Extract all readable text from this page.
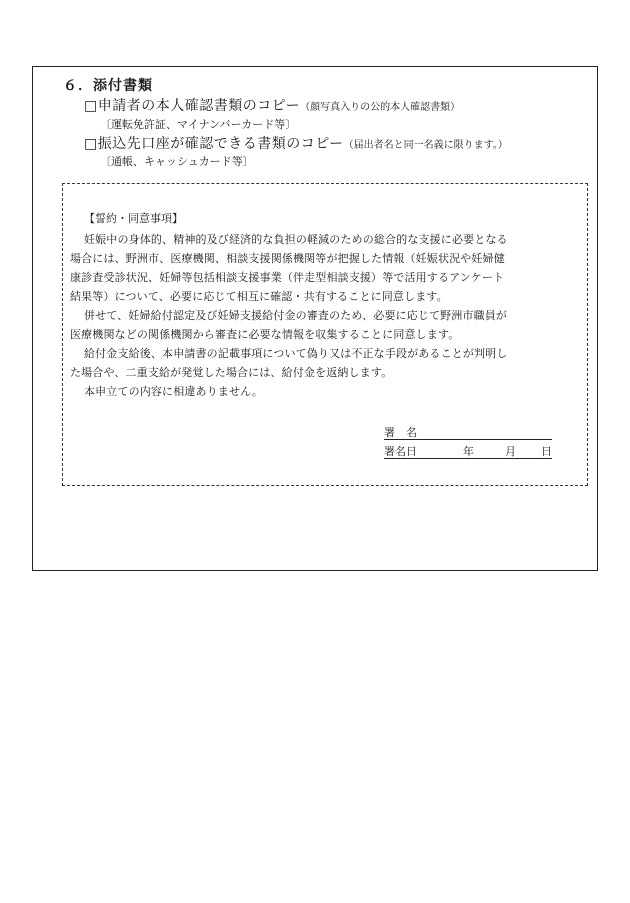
６．添付書類
□申請者の本人確認書類のコピー（顔写真入りの公的本人確認書類）
〔運転免許証、マイナンバーカード等〕
□振込先口座が確認できる書類のコピー（届出者名と同一名義に限ります。）
〔通帳、キャッシュカード等〕
【誓約・同意事項】
妊娠中の身体的、精神的及び経済的な負担の軽減のための総合的な支援に必要となる
場合には、野洲市、医療機関、相談支援関係機関等が把握した情報（妊娠状況や妊婦健
康診査受診状況、妊婦等包括相談支援事業（伴走型相談支援）等で活用するアンケート
結果等）について、必要に応じて相互に確認・共有することに同意します。
併せて、妊婦給付認定及び妊婦支援給付金の審査のため、必要に応じて野洲市職員が
医療機関などの関係機関から審査に必要な情報を収集することに同意します。
給付金支給後、本申請書の記載事項について偽り又は不正な手段があることが判明し
た場合や、二重支給が発覚した場合には、給付金を返納します。
本申立ての内容に相違ありません。
署　名
署名日	年	月 日
